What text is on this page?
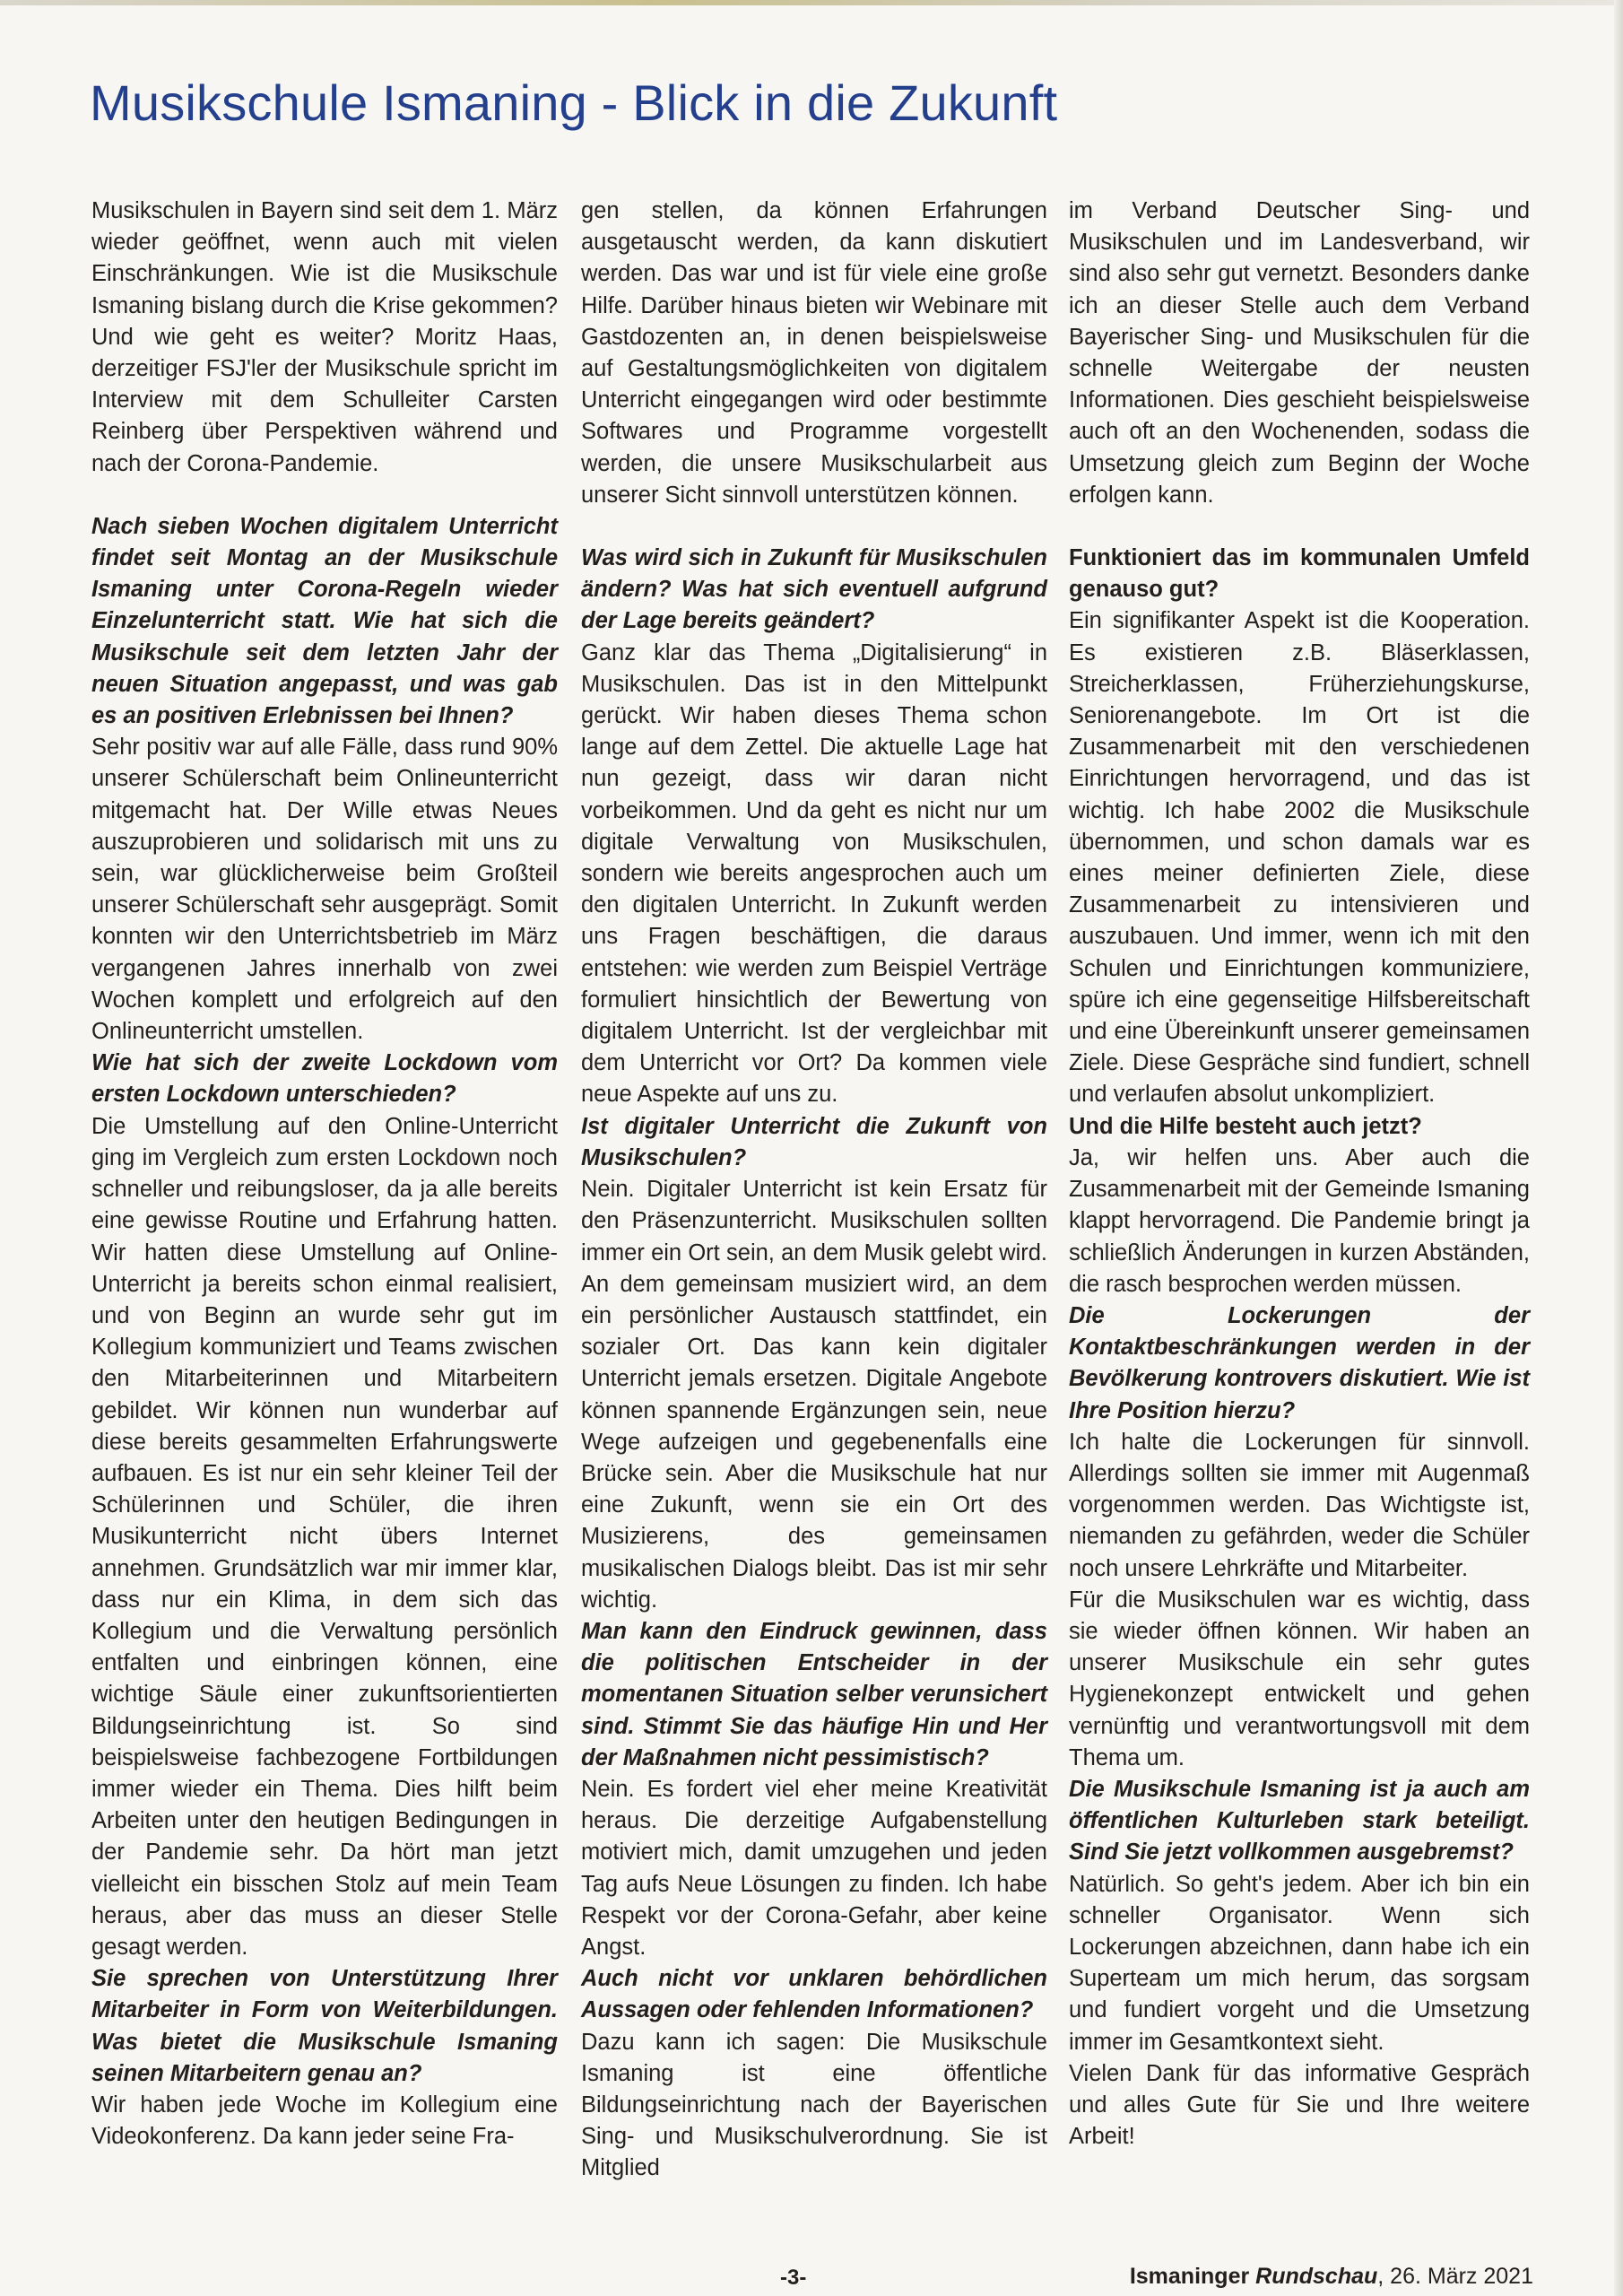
Musikschule Ismaning - Blick in die Zukunft

Musikschulen in Bayern sind seit dem 1. März wieder geöffnet, wenn auch mit vielen Einschränkungen. Wie ist die Musikschule Ismaning bislang durch die Krise gekommen? Und wie geht es weiter? Moritz Haas, derzeitiger FSJ'ler der Musikschule spricht im Interview mit dem Schulleiter Carsten Reinberg über Perspektiven während und nach der Corona-Pandemie.

Nach sieben Wochen digitalem Unterricht findet seit Montag an der Musikschule Ismaning unter Corona-Regeln wieder Einzelunterricht statt. Wie hat sich die Musikschule seit dem letzten Jahr der neuen Situation angepasst, und was gab es an positiven Erlebnissen bei Ihnen?

Sehr positiv war auf alle Fälle, dass rund 90% unserer Schülerschaft beim Onlineunterricht mitgemacht hat. Der Wille etwas Neues auszuprobieren und solidarisch mit uns zu sein, war glücklicherweise beim Großteil unserer Schülerschaft sehr ausgeprägt. Somit konnten wir den Unterrichtsbetrieb im März vergangenen Jahres innerhalb von zwei Wochen komplett und erfolgreich auf den Onlineunterricht umstellen.

Wie hat sich der zweite Lockdown vom ersten Lockdown unterschieden?

Die Umstellung auf den Online-Unterricht ging im Vergleich zum ersten Lockdown noch schneller und reibungsloser, da ja alle bereits eine gewisse Routine und Erfahrung hatten. Wir hatten diese Umstellung auf Online-Unterricht ja bereits schon einmal realisiert, und von Beginn an wurde sehr gut im Kollegium kommuniziert und Teams zwischen den Mitarbeiterinnen und Mitarbeitern gebildet. Wir können nun wunderbar auf diese bereits gesammelten Erfahrungswerte aufbauen. Es ist nur ein sehr kleiner Teil der Schülerinnen und Schüler, die ihren Musikunterricht nicht übers Internet annehmen. Grundsätzlich war mir immer klar, dass nur ein Klima, in dem sich das Kollegium und die Verwaltung persönlich entfalten und einbringen können, eine wichtige Säule einer zukunftsorientierten Bildungseinrichtung ist. So sind beispielsweise fachbezogene Fortbildungen immer wieder ein Thema. Dies hilft beim Arbeiten unter den heutigen Bedingungen in der Pandemie sehr. Da hört man jetzt vielleicht ein bisschen Stolz auf mein Team heraus, aber das muss an dieser Stelle gesagt werden.

Sie sprechen von Unterstützung Ihrer Mitarbeiter in Form von Weiterbildungen. Was bietet die Musikschule Ismaning seinen Mitarbeitern genau an?

Wir haben jede Woche im Kollegium eine Videokonferenz. Da kann jeder seine Fra-

gen stellen, da können Erfahrungen ausgetauscht werden, da kann diskutiert werden. Das war und ist für viele eine große Hilfe. Darüber hinaus bieten wir Webinare mit Gastdozenten an, in denen beispielsweise auf Gestaltungsmöglichkeiten von digitalem Unterricht eingegangen wird oder bestimmte Softwares und Programme vorgestellt werden, die unsere Musikschularbeit aus unserer Sicht sinnvoll unterstützen können.

Was wird sich in Zukunft für Musikschulen ändern? Was hat sich eventuell aufgrund der Lage bereits geändert?

Ganz klar das Thema „Digitalisierung“ in Musikschulen. Das ist in den Mittelpunkt gerückt. Wir haben dieses Thema schon lange auf dem Zettel. Die aktuelle Lage hat nun gezeigt, dass wir daran nicht vorbeikommen. Und da geht es nicht nur um digitale Verwaltung von Musikschulen, sondern wie bereits angesprochen auch um den digitalen Unterricht. In Zukunft werden uns Fragen beschäftigen, die daraus entstehen: wie werden zum Beispiel Verträge formuliert hinsichtlich der Bewertung von digitalem Unterricht. Ist der vergleichbar mit dem Unterricht vor Ort? Da kommen viele neue Aspekte auf uns zu.

Ist digitaler Unterricht die Zukunft von Musikschulen?

Nein. Digitaler Unterricht ist kein Ersatz für den Präsenzunterricht. Musikschulen sollten immer ein Ort sein, an dem Musik gelebt wird. An dem gemeinsam musiziert wird, an dem ein persönlicher Austausch stattfindet, ein sozialer Ort. Das kann kein digitaler Unterricht jemals ersetzen. Digitale Angebote können spannende Ergänzungen sein, neue Wege aufzeigen und gegebenenfalls eine Brücke sein. Aber die Musikschule hat nur eine Zukunft, wenn sie ein Ort des Musizierens, des gemeinsamen musikalischen Dialogs bleibt. Das ist mir sehr wichtig.

Man kann den Eindruck gewinnen, dass die politischen Entscheider in der momentanen Situation selber verunsichert sind. Stimmt Sie das häufige Hin und Her der Maßnahmen nicht pessimistisch?

Nein. Es fordert viel eher meine Kreativität heraus. Die derzeitige Aufgabenstellung motiviert mich, damit umzugehen und jeden Tag aufs Neue Lösungen zu finden. Ich habe Respekt vor der Corona-Gefahr, aber keine Angst.

Auch nicht vor unklaren behördlichen Aussagen oder fehlenden Informationen?

Dazu kann ich sagen: Die Musikschule Ismaning ist eine öffentliche Bildungseinrichtung nach der Bayerischen Sing- und Musikschulverordnung. Sie ist Mitglied

im Verband Deutscher Sing- und Musikschulen und im Landesverband, wir sind also sehr gut vernetzt. Besonders danke ich an dieser Stelle auch dem Verband Bayerischer Sing- und Musikschulen für die schnelle Weitergabe der neusten Informationen. Dies geschieht beispielsweise auch oft an den Wochenenden, sodass die Umsetzung gleich zum Beginn der Woche erfolgen kann.

Funktioniert das im kommunalen Umfeld genauso gut?

Ein signifikanter Aspekt ist die Kooperation. Es existieren z.B. Bläserklassen, Streicherklassen, Früherziehungskurse, Seniorenangebote. Im Ort ist die Zusammenarbeit mit den verschiedenen Einrichtungen hervorragend, und das ist wichtig. Ich habe 2002 die Musikschule übernommen, und schon damals war es eines meiner definierten Ziele, diese Zusammenarbeit zu intensivieren und auszubauen. Und immer, wenn ich mit den Schulen und Einrichtungen kommuniziere, spüre ich eine gegenseitige Hilfsbereitschaft und eine Übereinkunft unserer gemeinsamen Ziele. Diese Gespräche sind fundiert, schnell und verlaufen absolut unkompliziert.

Und die Hilfe besteht auch jetzt?

Ja, wir helfen uns. Aber auch die Zusammenarbeit mit der Gemeinde Ismaning klappt hervorragend. Die Pandemie bringt ja schließlich Änderungen in kurzen Abständen, die rasch besprochen werden müssen.

Die Lockerungen der Kontaktbeschränkungen werden in der Bevölkerung kontrovers diskutiert. Wie ist Ihre Position hierzu?

Ich halte die Lockerungen für sinnvoll. Allerdings sollten sie immer mit Augenmaß vorgenommen werden. Das Wichtigste ist, niemanden zu gefährden, weder die Schüler noch unsere Lehrkräfte und Mitarbeiter.

Für die Musikschulen war es wichtig, dass sie wieder öffnen können. Wir haben an unserer Musikschule ein sehr gutes Hygienekonzept entwickelt und gehen vernünftig und verantwortungsvoll mit dem Thema um.

Die Musikschule Ismaning ist ja auch am öffentlichen Kulturleben stark beteiligt. Sind Sie jetzt vollkommen ausgebremst?

Natürlich. So geht's jedem. Aber ich bin ein schneller Organisator. Wenn sich Lockerungen abzeichnen, dann habe ich ein Superteam um mich herum, das sorgsam und fundiert vorgeht und die Umsetzung immer im Gesamtkontext sieht.

Vielen Dank für das informative Gespräch und alles Gute für Sie und Ihre weitere Arbeit!

-3-	Ismaninger Rundschau, 26. März 2021
